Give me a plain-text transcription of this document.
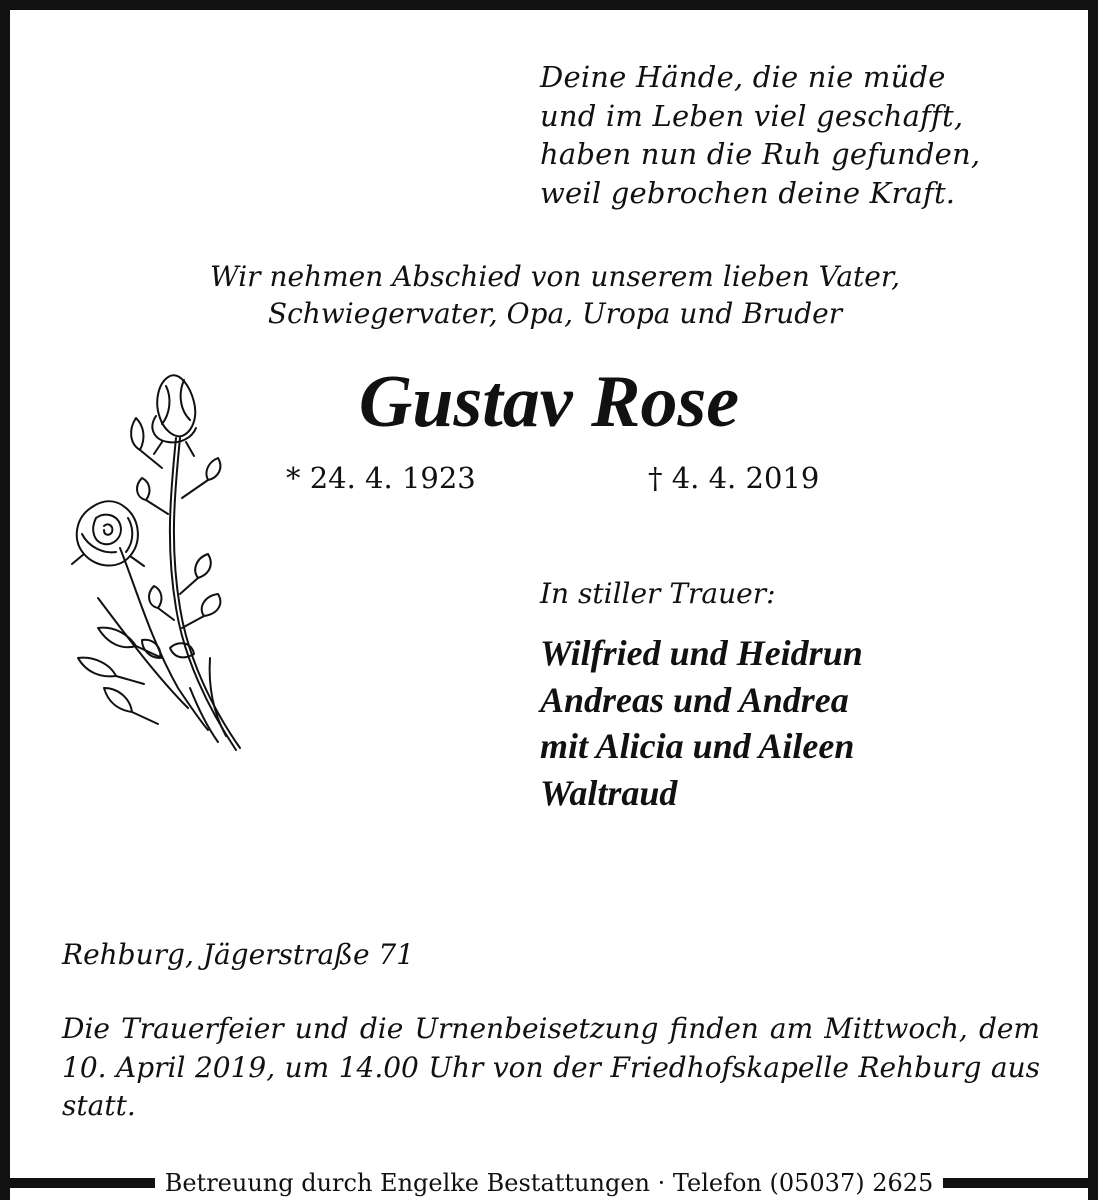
Deine Hände, die nie müde
und im Leben viel geschafft,
haben nun die Ruh gefunden,
weil gebrochen deine Kraft.
Wir nehmen Abschied von unserem lieben Vater,
Schwiegervater, Opa, Uropa und Bruder
Gustav Rose
* 24. 4. 1923	† 4. 4. 2019
In stiller Trauer:
Wilfried und Heidrun
Andreas und Andrea
mit Alicia und Aileen
Waltraud
Rehburg, Jägerstraße 71
Die Trauerfeier und die Urnenbeisetzung finden am Mittwoch, dem 10. April 2019, um 14.00 Uhr von der Friedhofskapelle Rehburg aus statt.
Betreuung durch Engelke Bestattungen · Telefon (05037) 2625
